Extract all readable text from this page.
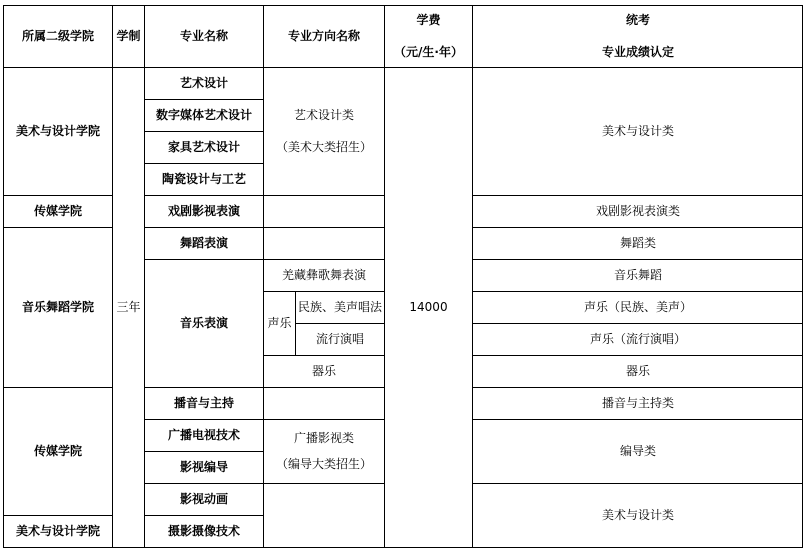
所属二级学院 学制	专业名称	专业方向名称
学费
（元/生·年）
统考
专业成绩认定
美术与设计学院
传媒学院
音乐舞蹈学院
传媒学院
美术与设计学院
三年
艺术设计
数字媒体艺术设计
家具艺术设计
陶瓷设计与工艺
戏剧影视表演
舞蹈表演
音乐表演
播音与主持
广播电视技术
影视编导
影视动画
摄影摄像技术
艺术设计类
（美术大类招生）
羌藏彝歌舞表演
声乐
民族、美声唱法
流行演唱
器乐
广播影视类
（编导大类招生）
14000
美术与设计类
戏剧影视表演类
舞蹈类
音乐舞蹈
声乐（民族、美声）
声乐（流行演唱）
器乐
播音与主持类
编导类
美术与设计类
